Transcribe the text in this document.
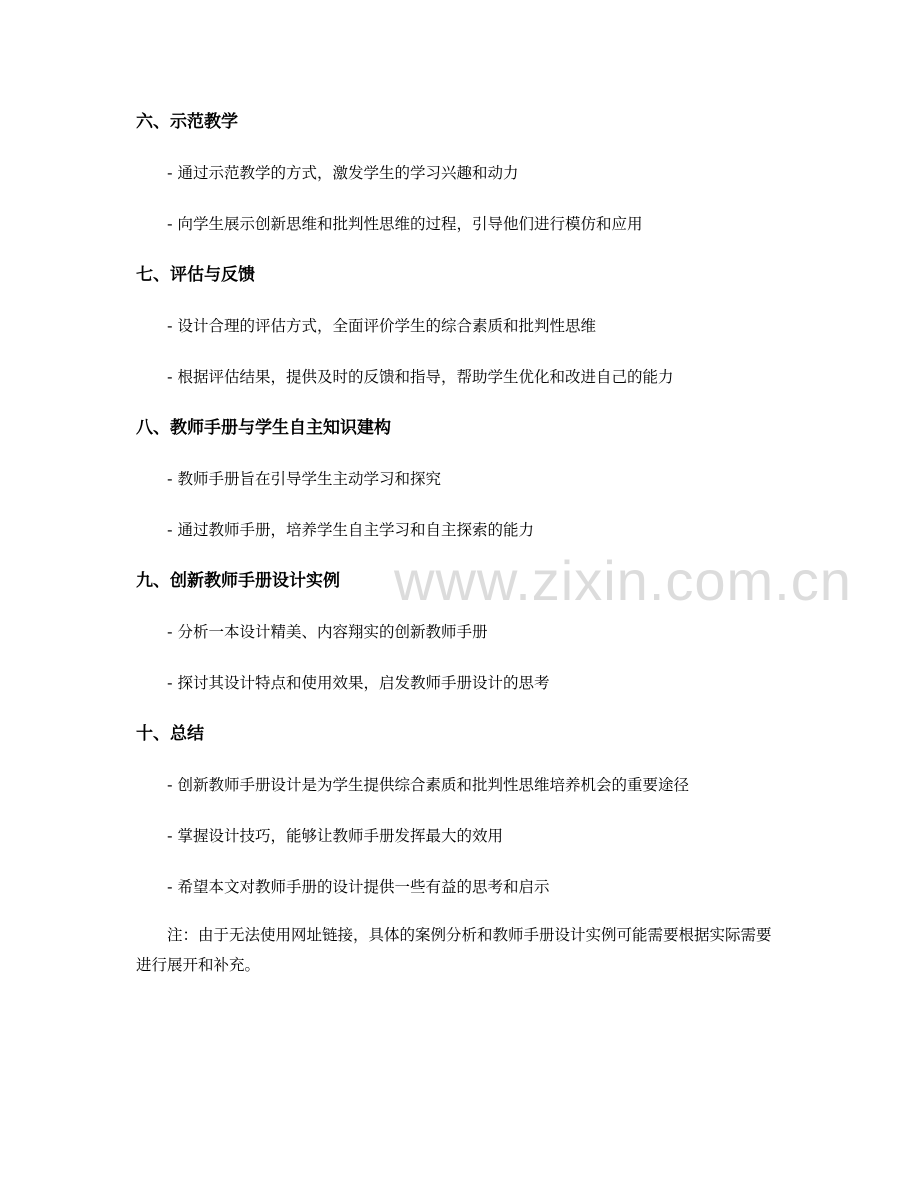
六、示范教学

- 通过示范教学的方式，激发学生的学习兴趣和动力

- 向学生展示创新思维和批判性思维的过程，引导他们进行模仿和应用

七、评估与反馈

- 设计合理的评估方式，全面评价学生的综合素质和批判性思维

- 根据评估结果，提供及时的反馈和指导，帮助学生优化和改进自己的能力

八、教师手册与学生自主知识建构

- 教师手册旨在引导学生主动学习和探究

- 通过教师手册，培养学生自主学习和自主探索的能力

九、创新教师手册设计实例

- 分析一本设计精美、内容翔实的创新教师手册

- 探讨其设计特点和使用效果，启发教师手册设计的思考

十、总结

- 创新教师手册设计是为学生提供综合素质和批判性思维培养机会的重要途径

- 掌握设计技巧，能够让教师手册发挥最大的效用

- 希望本文对教师手册的设计提供一些有益的思考和启示

注：由于无法使用网址链接，具体的案例分析和教师手册设计实例可能需要根据实际需要进行展开和补充。

www.zixin.com.cn
